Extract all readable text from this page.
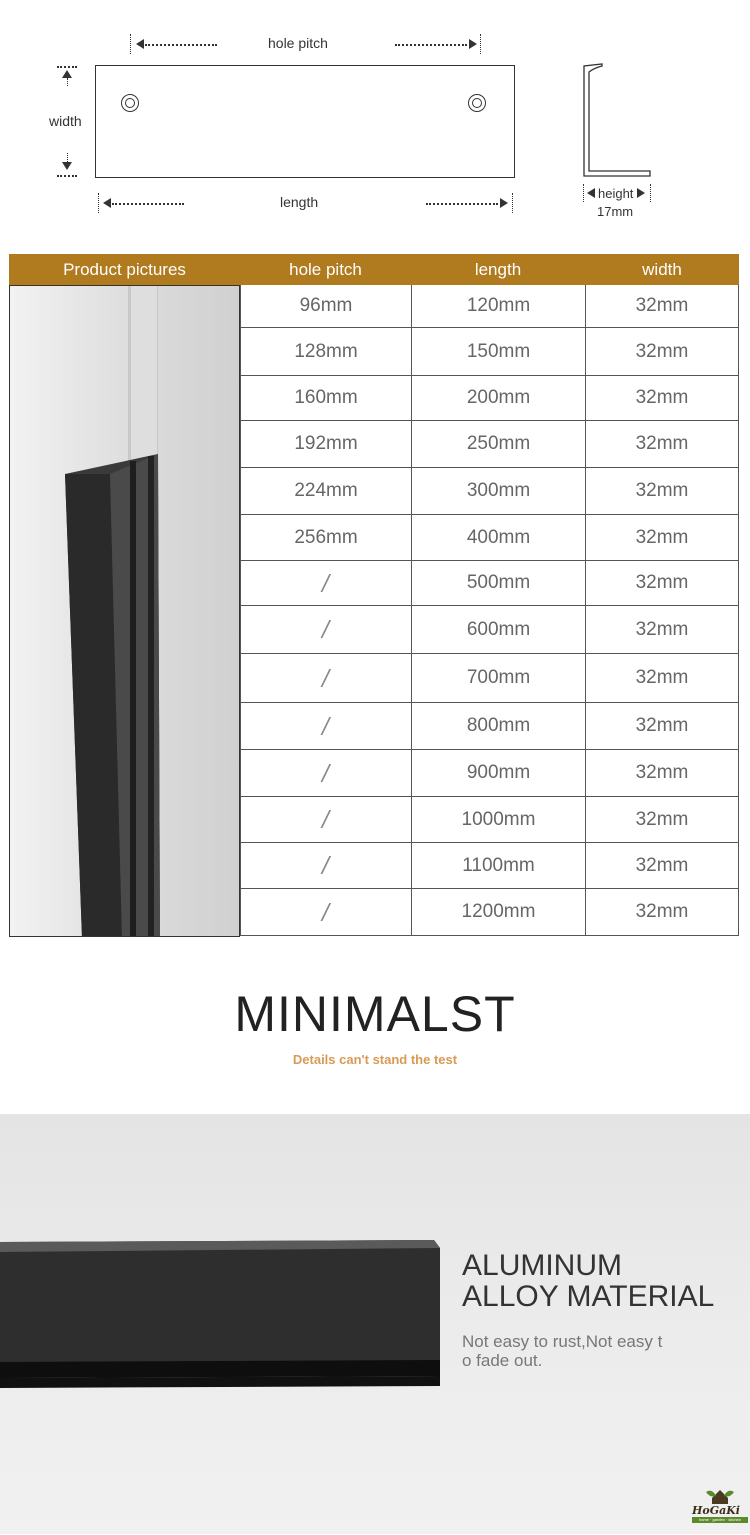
hole pitch
width
length
height
17mm
Product pictures	hole pitch	length	width
96mm	120mm	32mm
128mm	150mm	32mm
160mm	200mm	32mm
192mm	250mm	32mm
224mm	300mm	32mm
256mm	400mm	32mm
/	500mm	32mm
/	600mm	32mm
/	700mm	32mm
/	800mm	32mm
/	900mm	32mm
/	1000mm	32mm
/	1100mm	32mm
/	1200mm	32mm
MINIMALST
Details can't stand the test
ALUMINUM
ALLOY MATERIAL
Not easy to rust,Not easy t
o fade out.
HoGaKi
home · garden · kitchen
